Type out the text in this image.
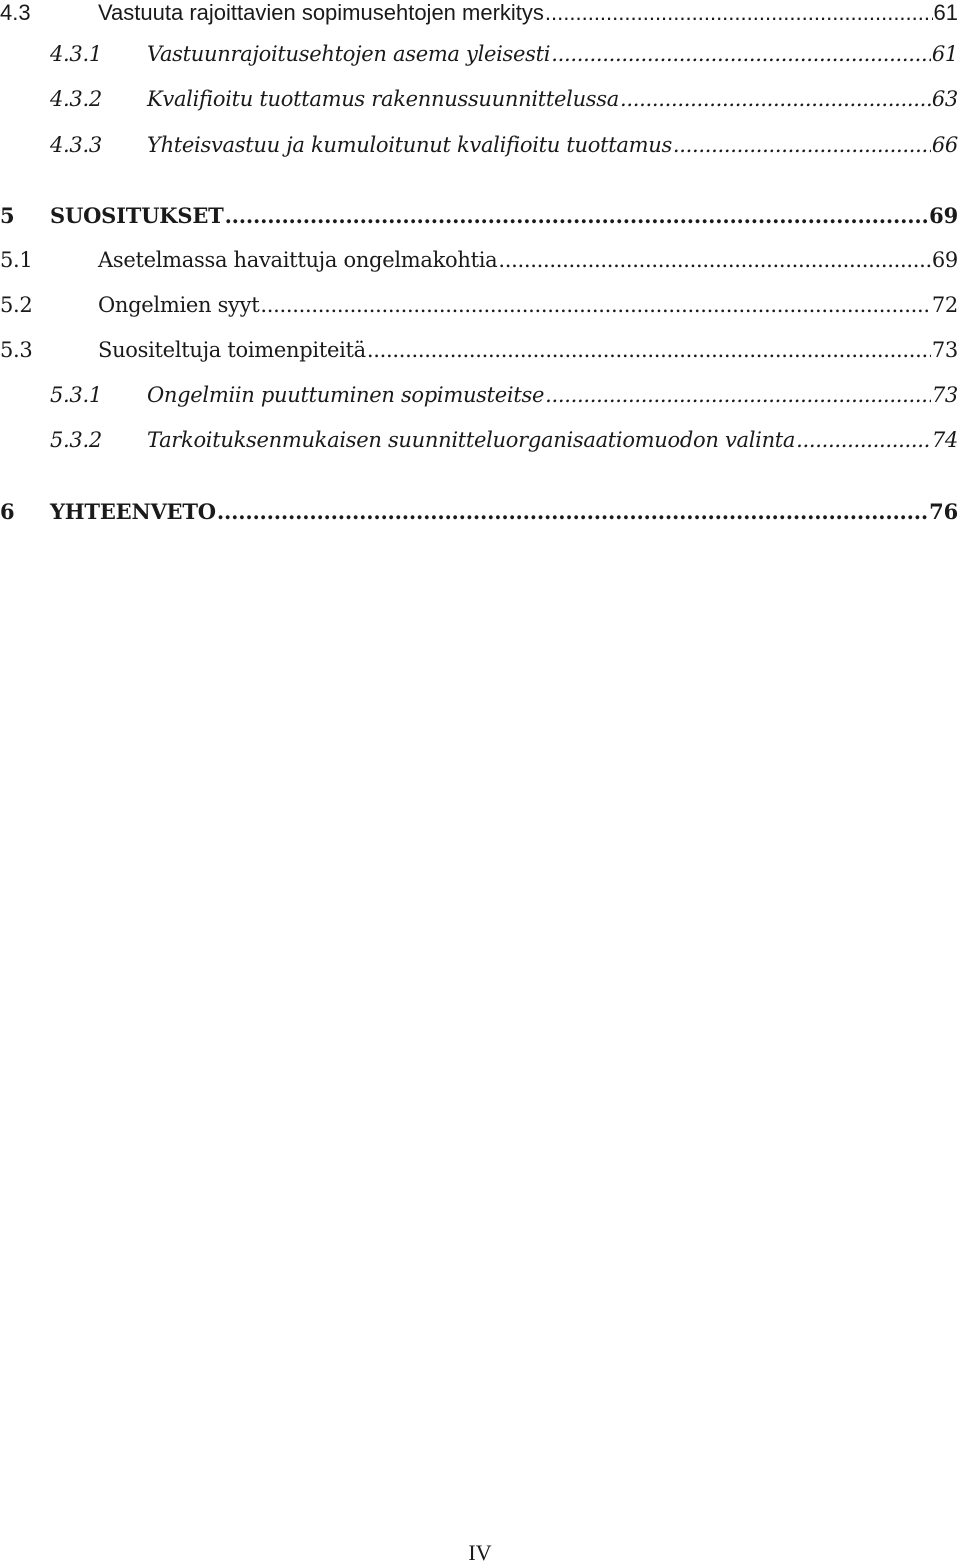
4.3	Vastuuta rajoittavien sopimusehtojen merkitys .....	61
4.3.1	Vastuunrajoitusehtojen asema yleisesti .....	61
4.3.2	Kvalifioitu tuottamus rakennussuunnittelussa .....	63
4.3.3	Yhteisvastuu ja kumuloitunut kvalifioitu tuottamus .....	66
5	SUOSITUKSET .....	69
5.1	Asetelmassa havaittuja ongelmakohtia .....	69
5.2	Ongelmien syyt .....	72
5.3	Suositeltuja toimenpiteitä .....	73
5.3.1	Ongelmiin puuttuminen sopimusteitse .....	73
5.3.2	Tarkoituksenmukaisen suunnitteluorganisaatiomuodon valinta .....	74
6	YHTEENVETO .....	76
IV
